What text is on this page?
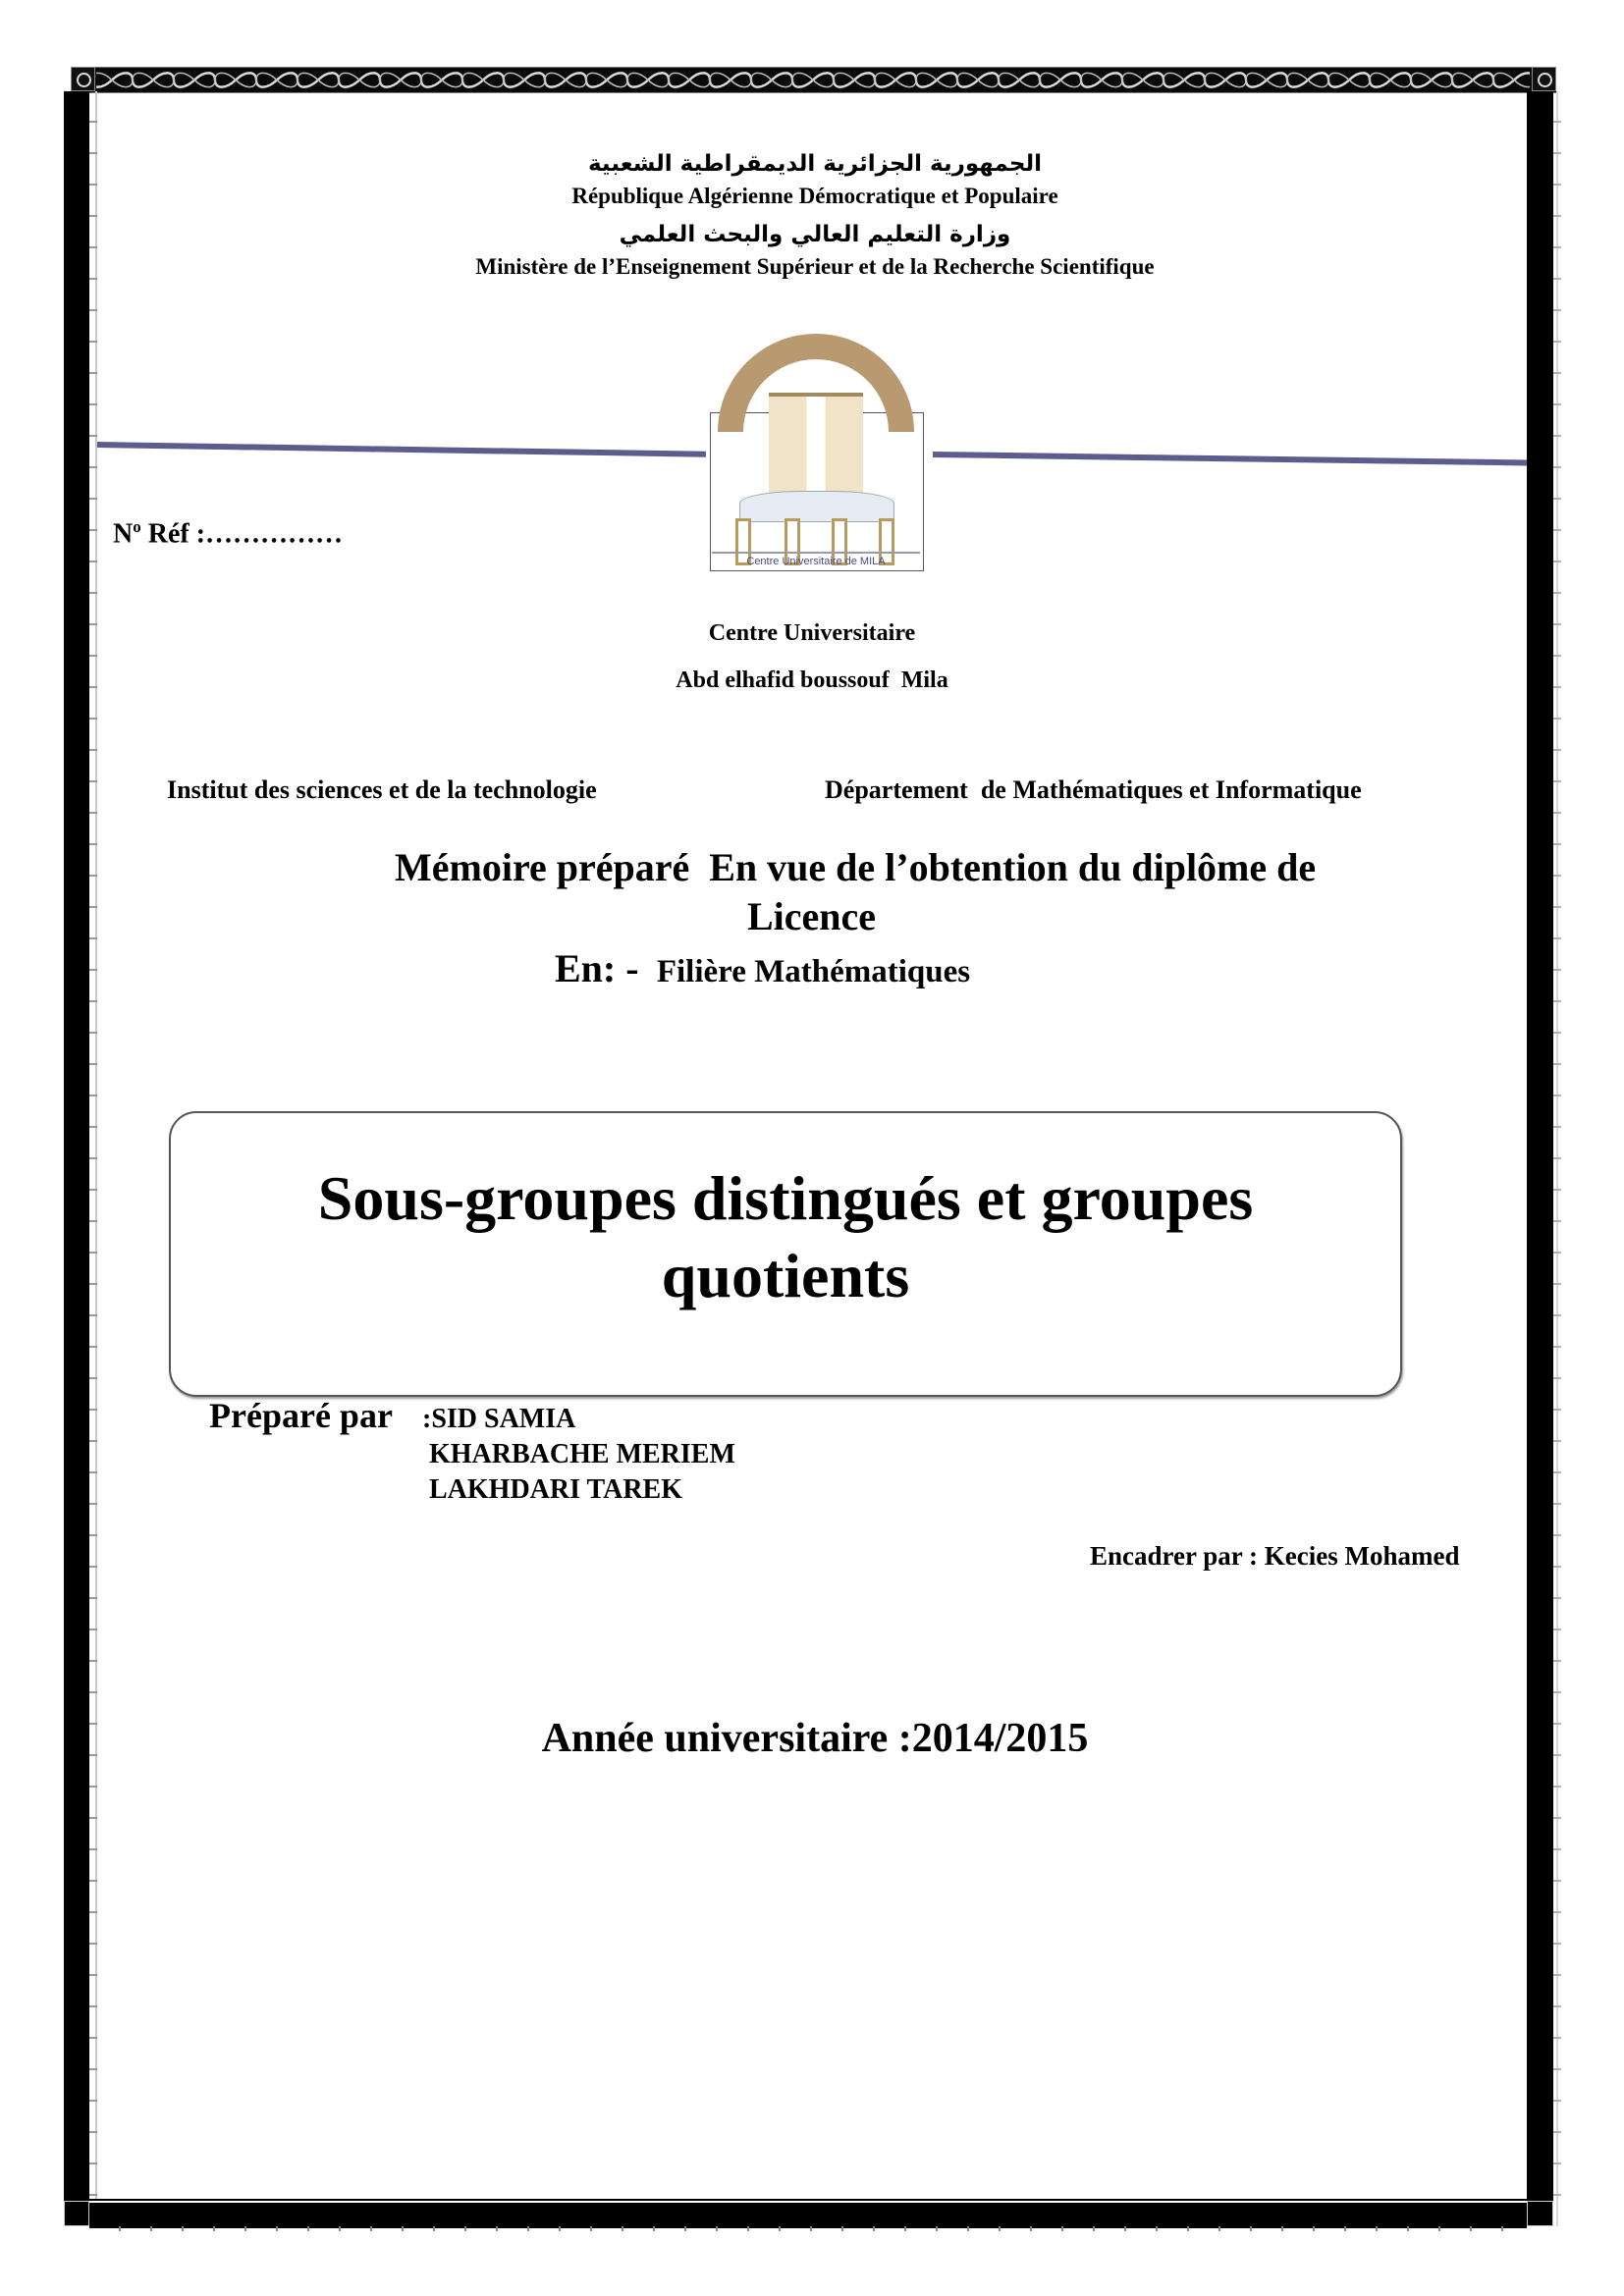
الجمهورية الجزائرية الديمقراطية الشعبية
République Algérienne Démocratique et Populaire
وزارة التعليم العالي والبحث العلمي
Ministère de l’Enseignement Supérieur et de la Recherche Scientifique
Centre Universitaire de MILA
$N^o$ Réf :……………
Centre Universitaire
Abd elhafid boussouf  Mila
Institut des sciences et de la technologie	Département  de Mathématiques et Informatique
Mémoire préparé  En vue de l’obtention du diplôme de
Licence
En: -  Filière Mathématiques
Sous-groupes distingués et groupes
quotients
Préparé par :SID SAMIA
KHARBACHE MERIEM
LAKHDARI TAREK
Encadrer par : Kecies Mohamed
Année universitaire :2014/2015
